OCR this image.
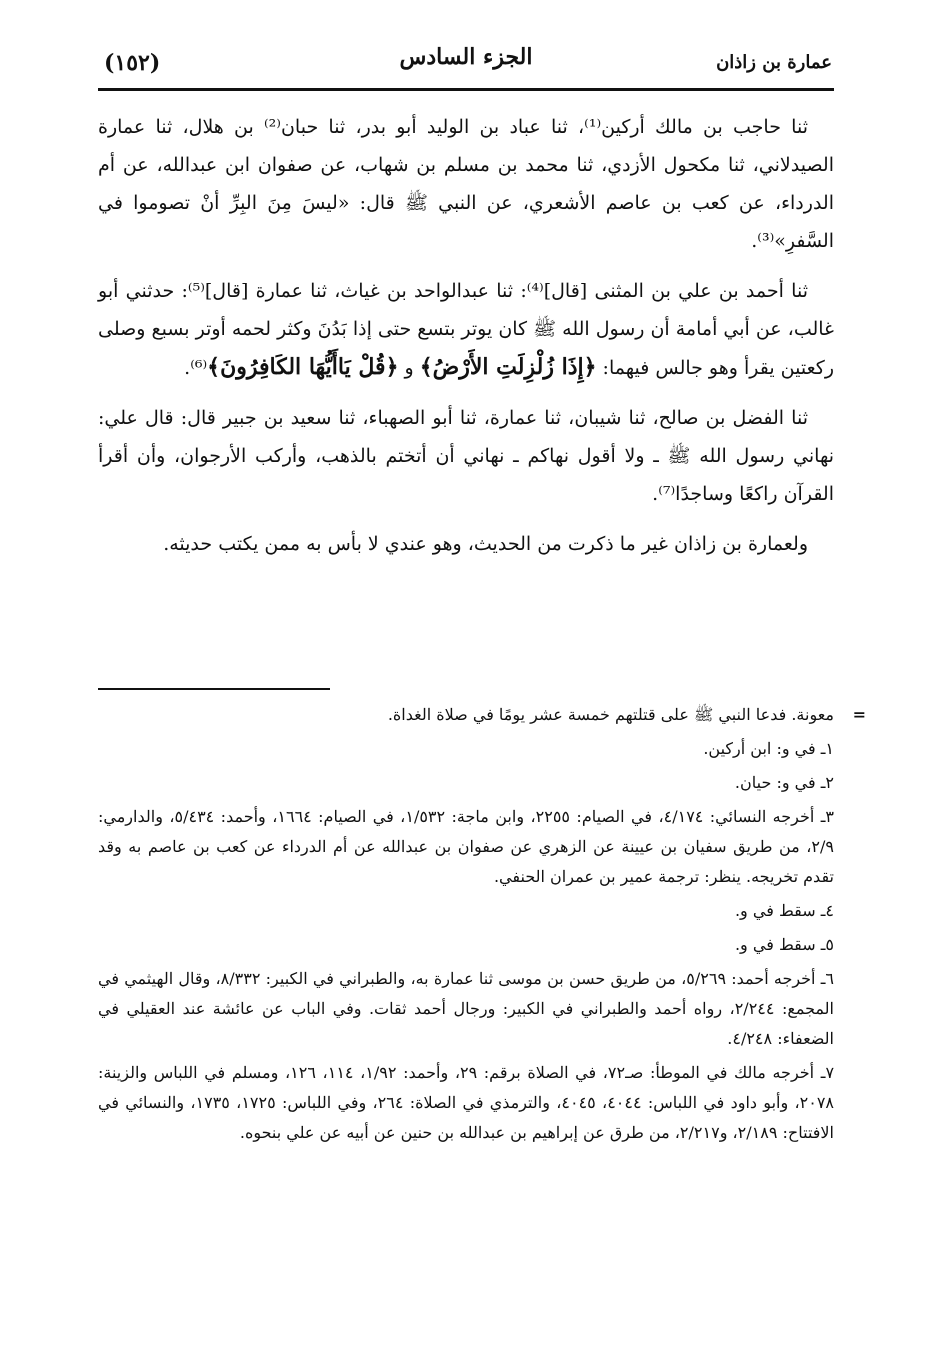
(١٥٢)	الجزء السادس	عمارة بن زاذان

ثنا حاجب بن مالك أركين⁽¹⁾، ثنا عباد بن الوليد أبو بدر، ثنا حبان⁽²⁾ بن هلال، ثنا عمارة الصيدلاني، ثنا مكحول الأزدي، ثنا محمد بن مسلم بن شهاب، عن صفوان ابن عبدالله، عن أم الدرداء، عن كعب بن عاصم الأشعري، عن النبي ﷺ قال: «ليسَ مِنَ البِرِّ أنْ تصوموا في السَّفرِ»⁽³⁾.

ثنا أحمد بن علي بن المثنى [قال]⁽⁴⁾: ثنا عبدالواحد بن غياث، ثنا عمارة [قال]⁽⁵⁾: حدثني أبو غالب، عن أبي أمامة أن رسول الله ﷺ كان يوتر بتسع حتى إذا بَدُنَ وكثر لحمه أوتر بسبع وصلى ركعتين يقرأ وهو جالس فيهما: ﴿إِذَا زُلْزِلَتِ الأَرْضُ﴾ و ﴿قُلْ يَاأَيُّهَا الكَافِرُونَ﴾⁽⁶⁾.

ثنا الفضل بن صالح، ثنا شيبان، ثنا عمارة، ثنا أبو الصهباء، ثنا سعيد بن جبير قال: قال علي: نهاني رسول الله ﷺ ـ ولا أقول نهاكم ـ نهاني أن أتختم بالذهب، وأركب الأرجوان، وأن أقرأ القرآن راكعًا وساجدًا⁽⁷⁾.

ولعمارة بن زاذان غير ما ذكرت من الحديث، وهو عندي لا بأس به ممن يكتب حديثه.

= معونة. فدعا النبي ﷺ على قتلتهم خمسة عشر يومًا في صلاة الغداة.

١ـ في و: ابن أركين.

٢ـ في و: حيان.

٣ـ أخرجه النسائي: ٤/١٧٤، في الصيام: ٢٢٥٥، وابن ماجة: ١/٥٣٢، في الصيام: ١٦٦٤، وأحمد: ٥/٤٣٤، والدارمي: ٢/٩، من طريق سفيان بن عيينة عن الزهري عن صفوان بن عبدالله عن أم الدرداء عن كعب بن عاصم به وقد تقدم تخريجه. ينظر: ترجمة عمير بن عمران الحنفي.

٤ـ سقط في و.

٥ـ سقط في و.

٦ـ أخرجه أحمد: ٥/٢٦٩، من طريق حسن بن موسى ثنا عمارة به، والطبراني في الكبير: ٨/٣٣٢، وقال الهيثمي في المجمع: ٢/٢٤٤، رواه أحمد والطبراني في الكبير: ورجال أحمد ثقات. وفي الباب عن عائشة عند العقيلي في الضعفاء: ٤/٢٤٨.

٧ـ أخرجه مالك في الموطأ: صـ٧٢، في الصلاة برقم: ٢٩، وأحمد: ١/٩٢، ١١٤، ١٢٦، ومسلم في اللباس والزينة: ٢٠٧٨، وأبو داود في اللباس: ٤٠٤٤، ٤٠٤٥، والترمذي في الصلاة: ٢٦٤، وفي اللباس: ١٧٢٥، ١٧٣٥، والنسائي في الافتتاح: ٢/١٨٩، و٢/٢١٧، من طرق عن إبراهيم بن عبدالله بن حنين عن أبيه عن علي بنحوه.
